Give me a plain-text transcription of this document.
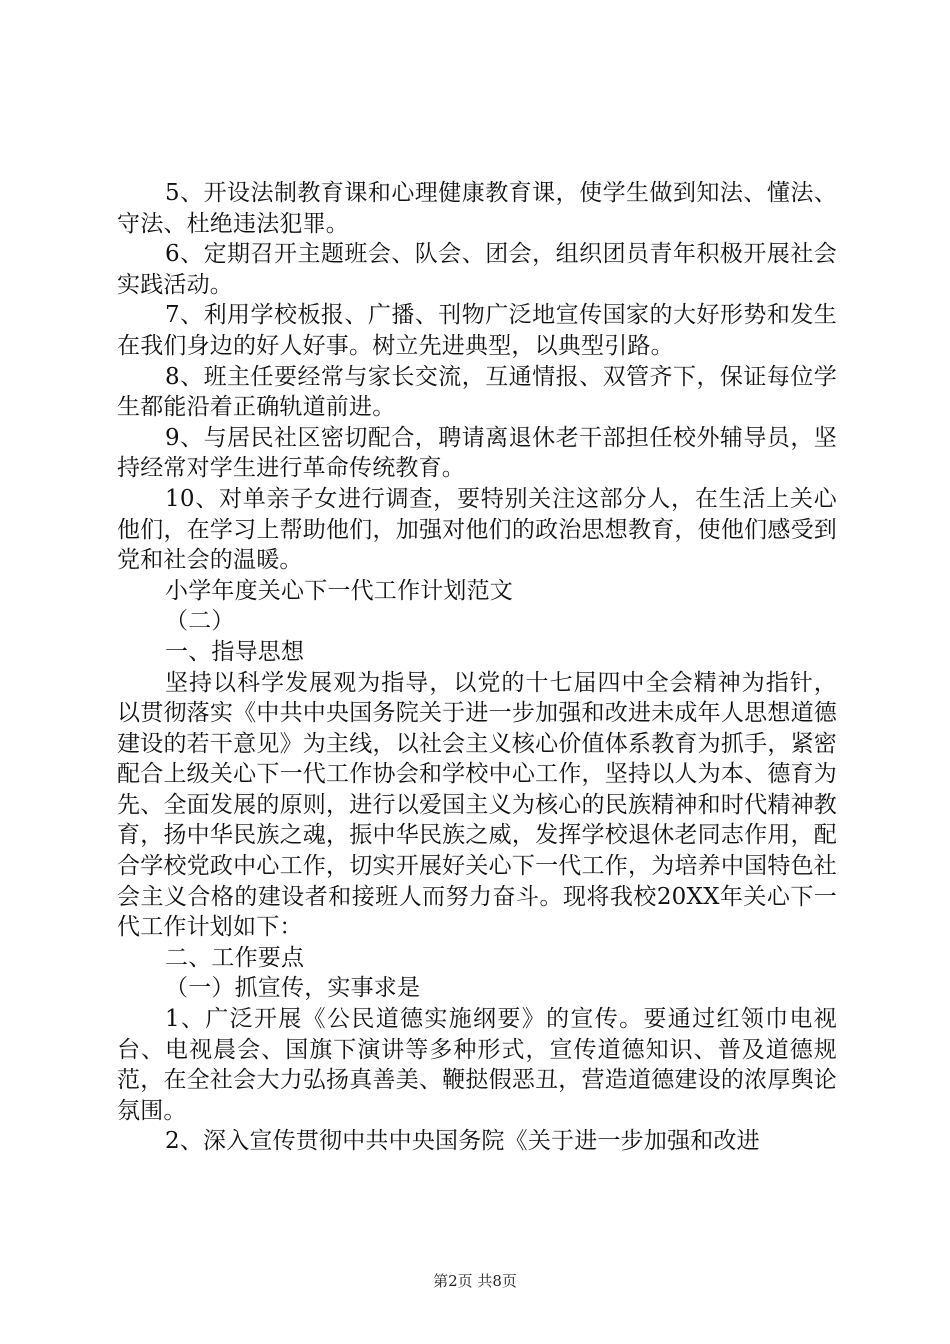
5、开设法制教育课和心理健康教育课，使学生做到知法、懂法、守法、杜绝违法犯罪。

6、定期召开主题班会、队会、团会，组织团员青年积极开展社会实践活动。

7、利用学校板报、广播、刊物广泛地宣传国家的大好形势和发生在我们身边的好人好事。树立先进典型，以典型引路。

8、班主任要经常与家长交流，互通情报、双管齐下，保证每位学生都能沿着正确轨道前进。

9、与居民社区密切配合，聘请离退休老干部担任校外辅导员，坚持经常对学生进行革命传统教育。

10、对单亲子女进行调查，要特别关注这部分人，在生活上关心他们，在学习上帮助他们，加强对他们的政治思想教育，使他们感受到党和社会的温暖。

小学年度关心下一代工作计划范文

（二）

一、指导思想

坚持以科学发展观为指导，以党的十七届四中全会精神为指针，以贯彻落实《中共中央国务院关于进一步加强和改进未成年人思想道德建设的若干意见》为主线，以社会主义核心价值体系教育为抓手，紧密配合上级关心下一代工作协会和学校中心工作，坚持以人为本、德育为先、全面发展的原则，进行以爱国主义为核心的民族精神和时代精神教育，扬中华民族之魂，振中华民族之威，发挥学校退休老同志作用，配合学校党政中心工作，切实开展好关心下一代工作，为培养中国特色社会主义合格的建设者和接班人而努力奋斗。现将我校20XX年关心下一代工作计划如下：

二、工作要点

（一）抓宣传，实事求是

1、广泛开展《公民道德实施纲要》的宣传。要通过红领巾电视台、电视晨会、国旗下演讲等多种形式，宣传道德知识、普及道德规范，在全社会大力弘扬真善美、鞭挞假恶丑，营造道德建设的浓厚舆论氛围。

2、深入宣传贯彻中共中央国务院《关于进一步加强和改进

第2页 共8页
